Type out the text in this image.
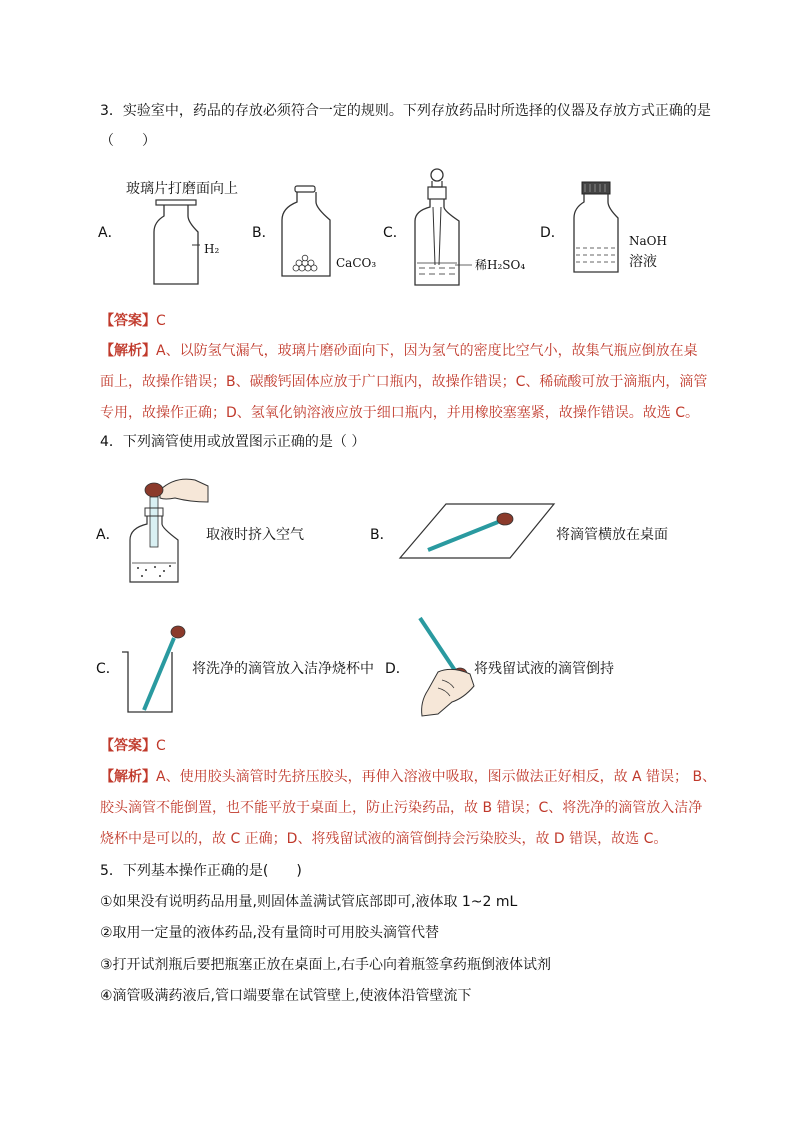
3．实验室中，药品的存放必须符合一定的规则。下列存放药品时所选择的仪器及存放方式正确的是
（　　）
玻璃片打磨面向上
A．	B．	C．	D．
H₂
CaCO₃	稀H₂SO₄
NaOH
溶液
【答案】C
【解析】A、以防氢气漏气，玻璃片磨砂面向下，因为氢气的密度比空气小，故集气瓶应倒放在桌
面上，故操作错误；B、碳酸钙固体应放于广口瓶内，故操作错误；C、稀硫酸可放于滴瓶内，滴管
专用，故操作正确；D、氢氧化钠溶液应放于细口瓶内，并用橡胶塞塞紧，故操作错误。故选 C。
4．下列滴管使用或放置图示正确的是（ ）
A．	B．
C．	D．
取液时挤入空气	将滴管横放在桌面
将洗净的滴管放入洁净烧杯中	将残留试液的滴管倒持
【答案】C
【解析】A、使用胶头滴管时先挤压胶头，再伸入溶液中吸取，图示做法正好相反，故 A 错误； B、
胶头滴管不能倒置，也不能平放于桌面上，防止污染药品，故 B 错误；C、将洗净的滴管放入洁净
烧杯中是可以的，故 C 正确；D、将残留试液的滴管倒持会污染胶头，故 D 错误，故选 C。
5．下列基本操作正确的是(　　)
①如果没有说明药品用量,则固体盖满试管底部即可,液体取 1~2 mL
②取用一定量的液体药品,没有量筒时可用胶头滴管代替
③打开试剂瓶后要把瓶塞正放在桌面上,右手心向着瓶签拿药瓶倒液体试剂
④滴管吸满药液后,管口端要靠在试管壁上,使液体沿管壁流下
